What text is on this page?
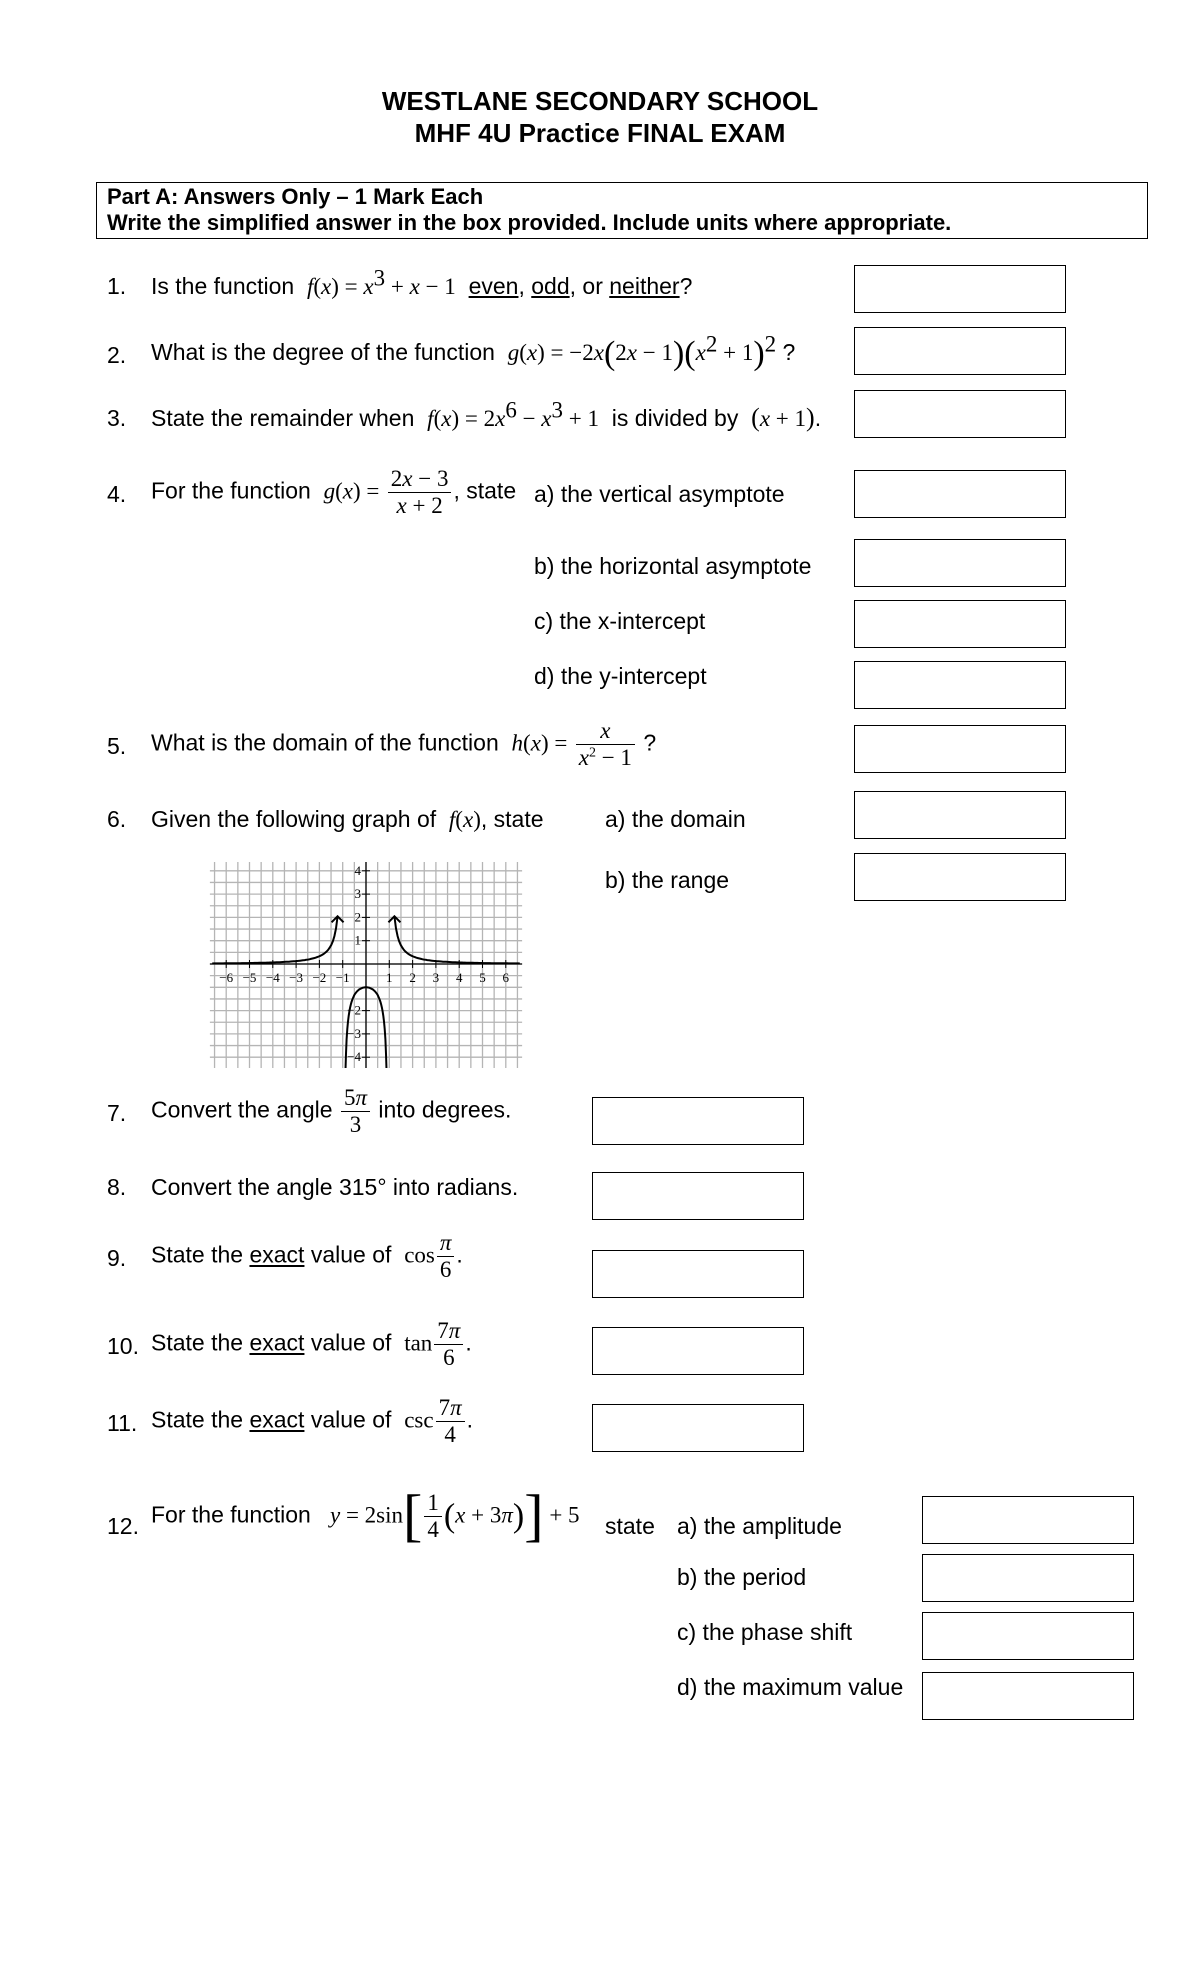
WESTLANE SECONDARY SCHOOL
MHF 4U Practice FINAL EXAM
Part A: Answers Only – 1 Mark Each
Write the simplified answer in the box provided. Include units where appropriate.
1. Is the function $f(x) = x^3 + x - 1$ even, odd, or neither?
2. What is the degree of the function $g(x) = -2x(2x - 1)(x^2 + 1)^2$ ?
3. State the remainder when $f(x) = 2x^6 - x^3 + 1$ is divided by (x + 1).
4. For the function $g(x) = \frac{2x - 3}{x + 2}$ , state a) the vertical asymptote
b) the horizontal asymptote
c) the x-intercept
d) the y-intercept
5. What is the domain of the function $h(x) = \frac{x}{x^2 - 1}$ ?
6. Given the following graph of f(x), state	a) the domain
b) the range
−6 −5 −4 −3 −2 −1	1 2 3 4 5 6
4
3
2
1
−2
−3
−4
7. Convert the angle $\frac{5\pi}{3}$ into degrees.
8. Convert the angle 315° into radians.
9. State the exact value of $\cos \frac{\pi}{6}$ .
10. State the exact value of $\tan \frac{7\pi}{6}$ .
11. State the exact value of $\csc \frac{7\pi}{4}$ .
12. For the function $y = 2\sin[ \frac{1}{4} (x + 3\pi)] + 5$ state a) the amplitude
b) the period
c) the phase shift
d) the maximum value
